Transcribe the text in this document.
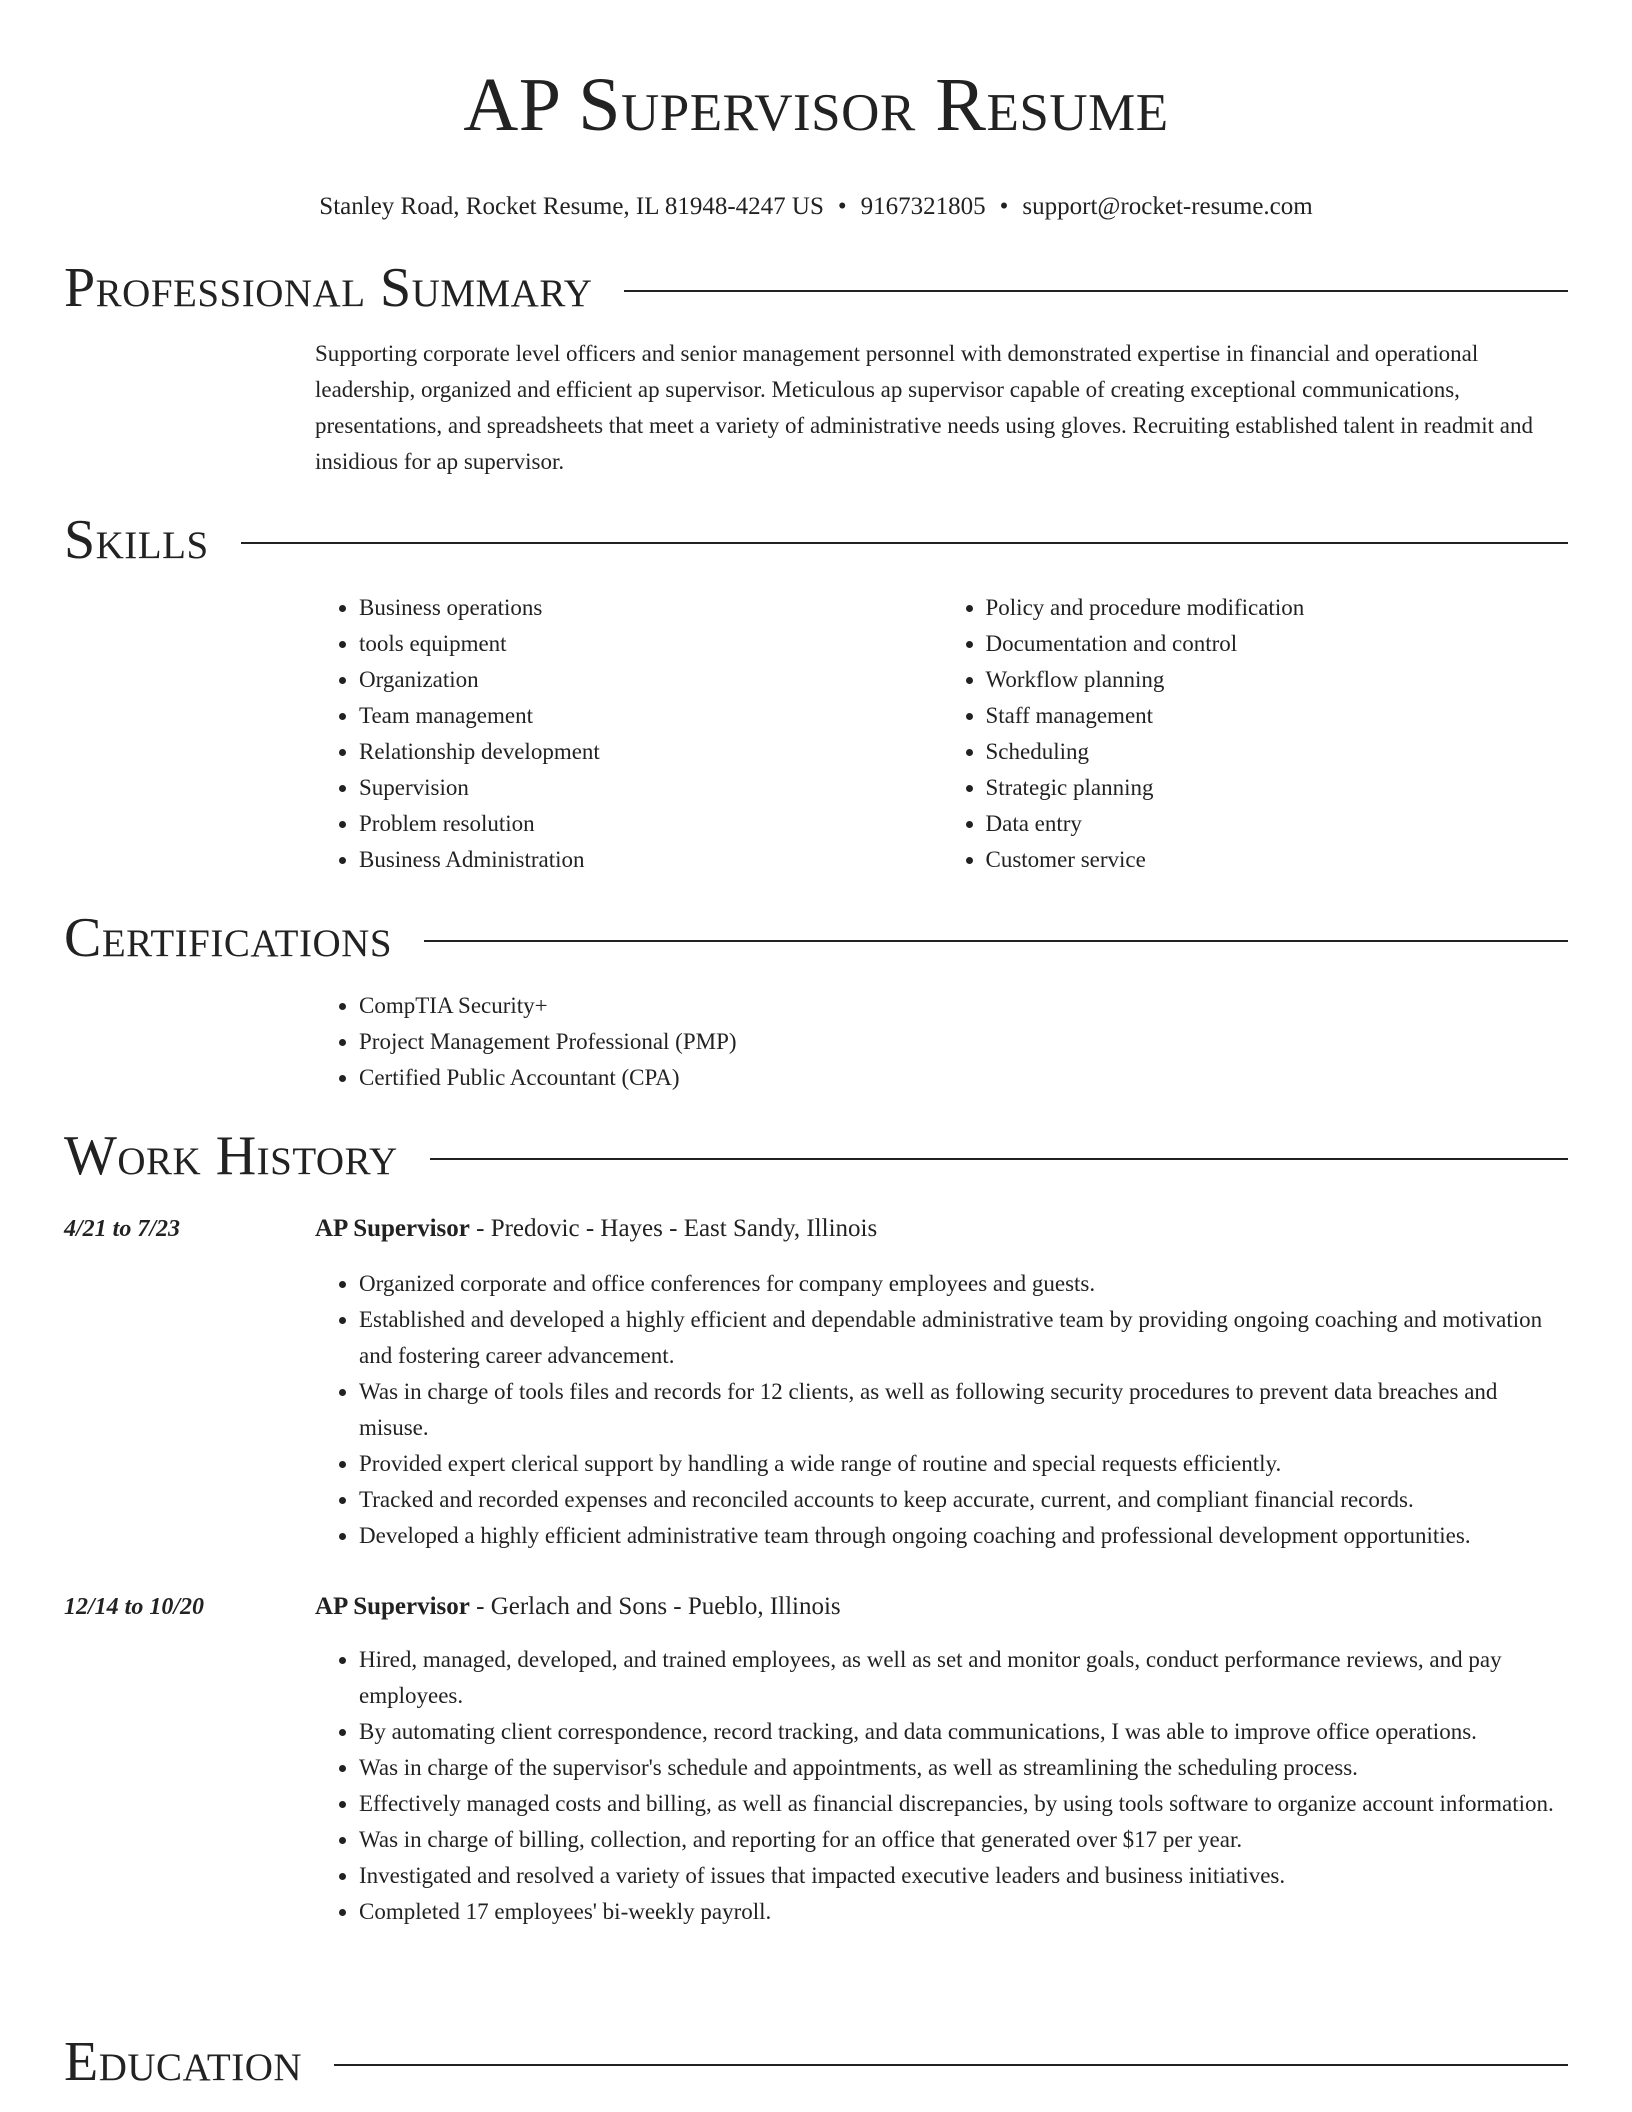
AP Supervisor Resume
Stanley Road, Rocket Resume, IL 81948-4247 US • 9167321805 • support@rocket-resume.com
Professional Summary
Supporting corporate level officers and senior management personnel with demonstrated expertise in financial and operational leadership, organized and efficient ap supervisor. Meticulous ap supervisor capable of creating exceptional communications, presentations, and spreadsheets that meet a variety of administrative needs using gloves. Recruiting established talent in readmit and insidious for ap supervisor.
Skills
• Business operations
• tools equipment
• Organization
• Team management
• Relationship development
• Supervision
• Problem resolution
• Business Administration
• Policy and procedure modification
• Documentation and control
• Workflow planning
• Staff management
• Scheduling
• Strategic planning
• Data entry
• Customer service
Certifications
• CompTIA Security+
• Project Management Professional (PMP)
• Certified Public Accountant (CPA)
Work History
4/21 to 7/23	AP Supervisor - Predovic - Hayes - East Sandy, Illinois
• Organized corporate and office conferences for company employees and guests.
• Established and developed a highly efficient and dependable administrative team by providing ongoing coaching and motivation and fostering career advancement.
• Was in charge of tools files and records for 12 clients, as well as following security procedures to prevent data breaches and misuse.
• Provided expert clerical support by handling a wide range of routine and special requests efficiently.
• Tracked and recorded expenses and reconciled accounts to keep accurate, current, and compliant financial records.
• Developed a highly efficient administrative team through ongoing coaching and professional development opportunities.
12/14 to 10/20	AP Supervisor - Gerlach and Sons - Pueblo, Illinois
• Hired, managed, developed, and trained employees, as well as set and monitor goals, conduct performance reviews, and pay employees.
• By automating client correspondence, record tracking, and data communications, I was able to improve office operations.
• Was in charge of the supervisor's schedule and appointments, as well as streamlining the scheduling process.
• Effectively managed costs and billing, as well as financial discrepancies, by using tools software to organize account information.
• Was in charge of billing, collection, and reporting for an office that generated over $17 per year.
• Investigated and resolved a variety of issues that impacted executive leaders and business initiatives.
• Completed 17 employees' bi-weekly payroll.
Education
